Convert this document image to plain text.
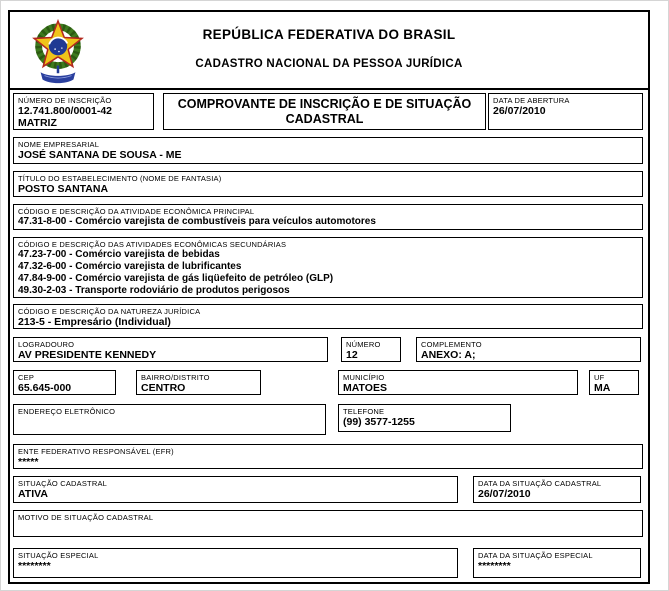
REPÚBLICA FEDERATIVA DO BRASIL
CADASTRO NACIONAL DA PESSOA JURÍDICA
NÚMERO DE INSCRIÇÃO
12.741.800/0001-42
MATRIZ
COMPROVANTE DE INSCRIÇÃO E DE SITUAÇÃO CADASTRAL
DATA DE ABERTURA
26/07/2010
NOME EMPRESARIAL
JOSÉ SANTANA DE SOUSA - ME
TÍTULO DO ESTABELECIMENTO (NOME DE FANTASIA)
POSTO SANTANA
CÓDIGO E DESCRIÇÃO DA ATIVIDADE ECONÔMICA PRINCIPAL
47.31-8-00 - Comércio varejista de combustíveis para veículos automotores
CÓDIGO E DESCRIÇÃO DAS ATIVIDADES ECONÔMICAS SECUNDÁRIAS
47.23-7-00 - Comércio varejista de bebidas
47.32-6-00 - Comércio varejista de lubrificantes
47.84-9-00 - Comércio varejista de gás liqüefeito de petróleo (GLP)
49.30-2-03 - Transporte rodoviário de produtos perigosos
CÓDIGO E DESCRIÇÃO DA NATUREZA JURÍDICA
213-5 - Empresário (Individual)
LOGRADOURO
AV PRESIDENTE KENNEDY
NÚMERO
12
COMPLEMENTO
ANEXO: A;
CEP
65.645-000
BAIRRO/DISTRITO
CENTRO
MUNICÍPIO
MATOES
UF
MA
ENDEREÇO ELETRÔNICO	TELEFONE
(99) 3577-1255
ENTE FEDERATIVO RESPONSÁVEL (EFR)
*****
SITUAÇÃO CADASTRAL
ATIVA
DATA DA SITUAÇÃO CADASTRAL
26/07/2010
MOTIVO DE SITUAÇÃO CADASTRAL
SITUAÇÃO ESPECIAL
********
DATA DA SITUAÇÃO ESPECIAL
********
